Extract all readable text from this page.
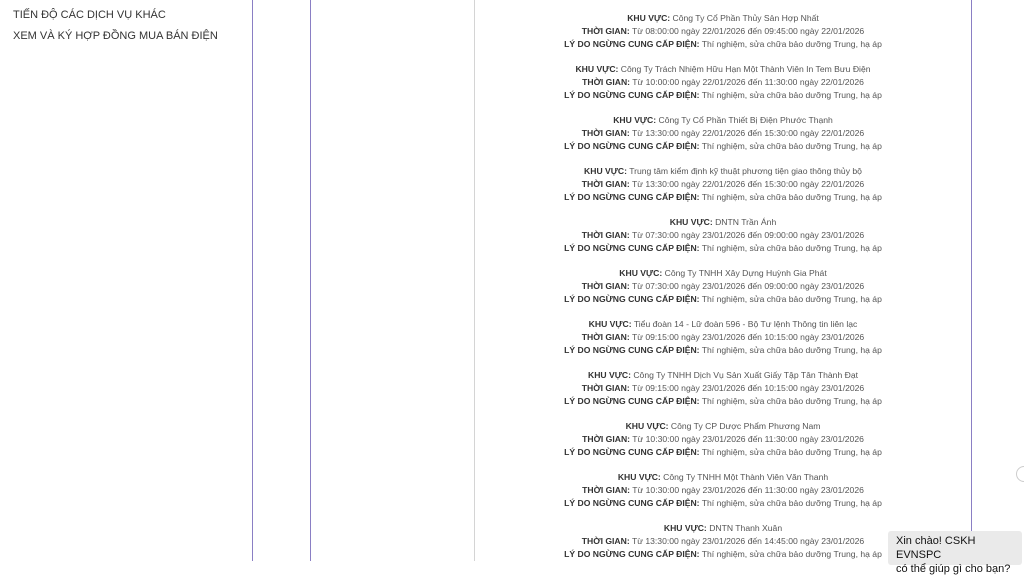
TIẾN ĐỘ CÁC DỊCH VỤ KHÁC
XEM VÀ KÝ HỢP ĐỒNG MUA BÁN ĐIỆN
KHU VỰC: Công Ty Cổ Phần Thủy Sản Hợp Nhất
THỜI GIAN: Từ 08:00:00 ngày 22/01/2026 đến 09:45:00 ngày 22/01/2026
LÝ DO NGỪNG CUNG CẤP ĐIỆN: Thí nghiệm, sửa chữa bảo dưỡng Trung, hạ áp
KHU VỰC: Công Ty Trách Nhiệm Hữu Hạn Một Thành Viên In Tem Bưu Điện
THỜI GIAN: Từ 10:00:00 ngày 22/01/2026 đến 11:30:00 ngày 22/01/2026
LÝ DO NGỪNG CUNG CẤP ĐIỆN: Thí nghiệm, sửa chữa bảo dưỡng Trung, hạ áp
KHU VỰC: Công Ty Cổ Phần Thiết Bị Điện Phước Thạnh
THỜI GIAN: Từ 13:30:00 ngày 22/01/2026 đến 15:30:00 ngày 22/01/2026
LÝ DO NGỪNG CUNG CẤP ĐIỆN: Thí nghiệm, sửa chữa bảo dưỡng Trung, hạ áp
KHU VỰC: Trung tâm kiểm định kỹ thuật phương tiện giao thông thủy bộ
THỜI GIAN: Từ 13:30:00 ngày 22/01/2026 đến 15:30:00 ngày 22/01/2026
LÝ DO NGỪNG CUNG CẤP ĐIỆN: Thí nghiệm, sửa chữa bảo dưỡng Trung, hạ áp
KHU VỰC: DNTN Trần Ánh
THỜI GIAN: Từ 07:30:00 ngày 23/01/2026 đến 09:00:00 ngày 23/01/2026
LÝ DO NGỪNG CUNG CẤP ĐIỆN: Thí nghiệm, sửa chữa bảo dưỡng Trung, hạ áp
KHU VỰC: Công Ty TNHH Xây Dựng Huỳnh Gia Phát
THỜI GIAN: Từ 07:30:00 ngày 23/01/2026 đến 09:00:00 ngày 23/01/2026
LÝ DO NGỪNG CUNG CẤP ĐIỆN: Thí nghiệm, sửa chữa bảo dưỡng Trung, hạ áp
KHU VỰC: Tiểu đoàn 14 - Lữ đoàn 596 - Bộ Tư lệnh Thông tin liên lạc
THỜI GIAN: Từ 09:15:00 ngày 23/01/2026 đến 10:15:00 ngày 23/01/2026
LÝ DO NGỪNG CUNG CẤP ĐIỆN: Thí nghiệm, sửa chữa bảo dưỡng Trung, hạ áp
KHU VỰC: Công Ty TNHH Dịch Vụ Sản Xuất Giấy Tập Tân Thành Đạt
THỜI GIAN: Từ 09:15:00 ngày 23/01/2026 đến 10:15:00 ngày 23/01/2026
LÝ DO NGỪNG CUNG CẤP ĐIỆN: Thí nghiệm, sửa chữa bảo dưỡng Trung, hạ áp
KHU VỰC: Công Ty CP Dược Phẩm Phương Nam
THỜI GIAN: Từ 10:30:00 ngày 23/01/2026 đến 11:30:00 ngày 23/01/2026
LÝ DO NGỪNG CUNG CẤP ĐIỆN: Thí nghiệm, sửa chữa bảo dưỡng Trung, hạ áp
KHU VỰC: Công Ty TNHH Một Thành Viên Văn Thanh
THỜI GIAN: Từ 10:30:00 ngày 23/01/2026 đến 11:30:00 ngày 23/01/2026
LÝ DO NGỪNG CUNG CẤP ĐIỆN: Thí nghiệm, sửa chữa bảo dưỡng Trung, hạ áp
KHU VỰC: DNTN Thanh Xuân
THỜI GIAN: Từ 13:30:00 ngày 23/01/2026 đến 14:45:00 ngày 23/01/2026
LÝ DO NGỪNG CUNG CẤP ĐIỆN: Thí nghiệm, sửa chữa bảo dưỡng Trung, hạ áp
Xin chào! CSKH EVNSPC
có thể giúp gì cho bạn?
